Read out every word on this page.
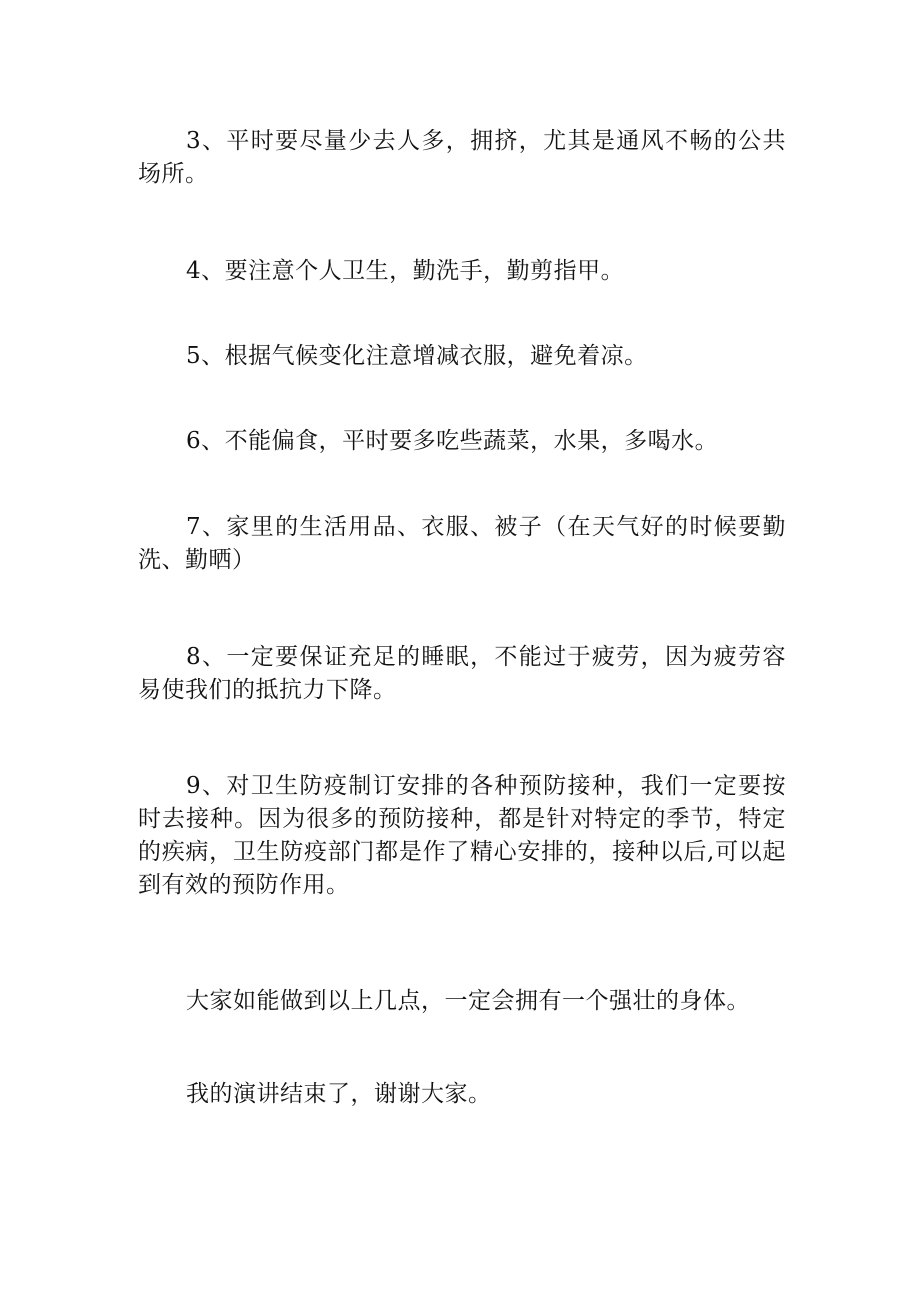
3、平时要尽量少去人多，拥挤，尤其是通风不畅的公共场所。

4、要注意个人卫生，勤洗手，勤剪指甲。

5、根据气候变化注意增减衣服，避免着凉。

6、不能偏食，平时要多吃些蔬菜，水果，多喝水。

7、家里的生活用品、衣服、被子（在天气好的时候要勤洗、勤晒）

8、一定要保证充足的睡眠，不能过于疲劳，因为疲劳容易使我们的抵抗力下降。

9、对卫生防疫制订安排的各种预防接种，我们一定要按时去接种。因为很多的预防接种，都是针对特定的季节，特定的疾病，卫生防疫部门都是作了精心安排的，接种以后,可以起到有效的预防作用。

大家如能做到以上几点，一定会拥有一个强壮的身体。

我的演讲结束了，谢谢大家。
